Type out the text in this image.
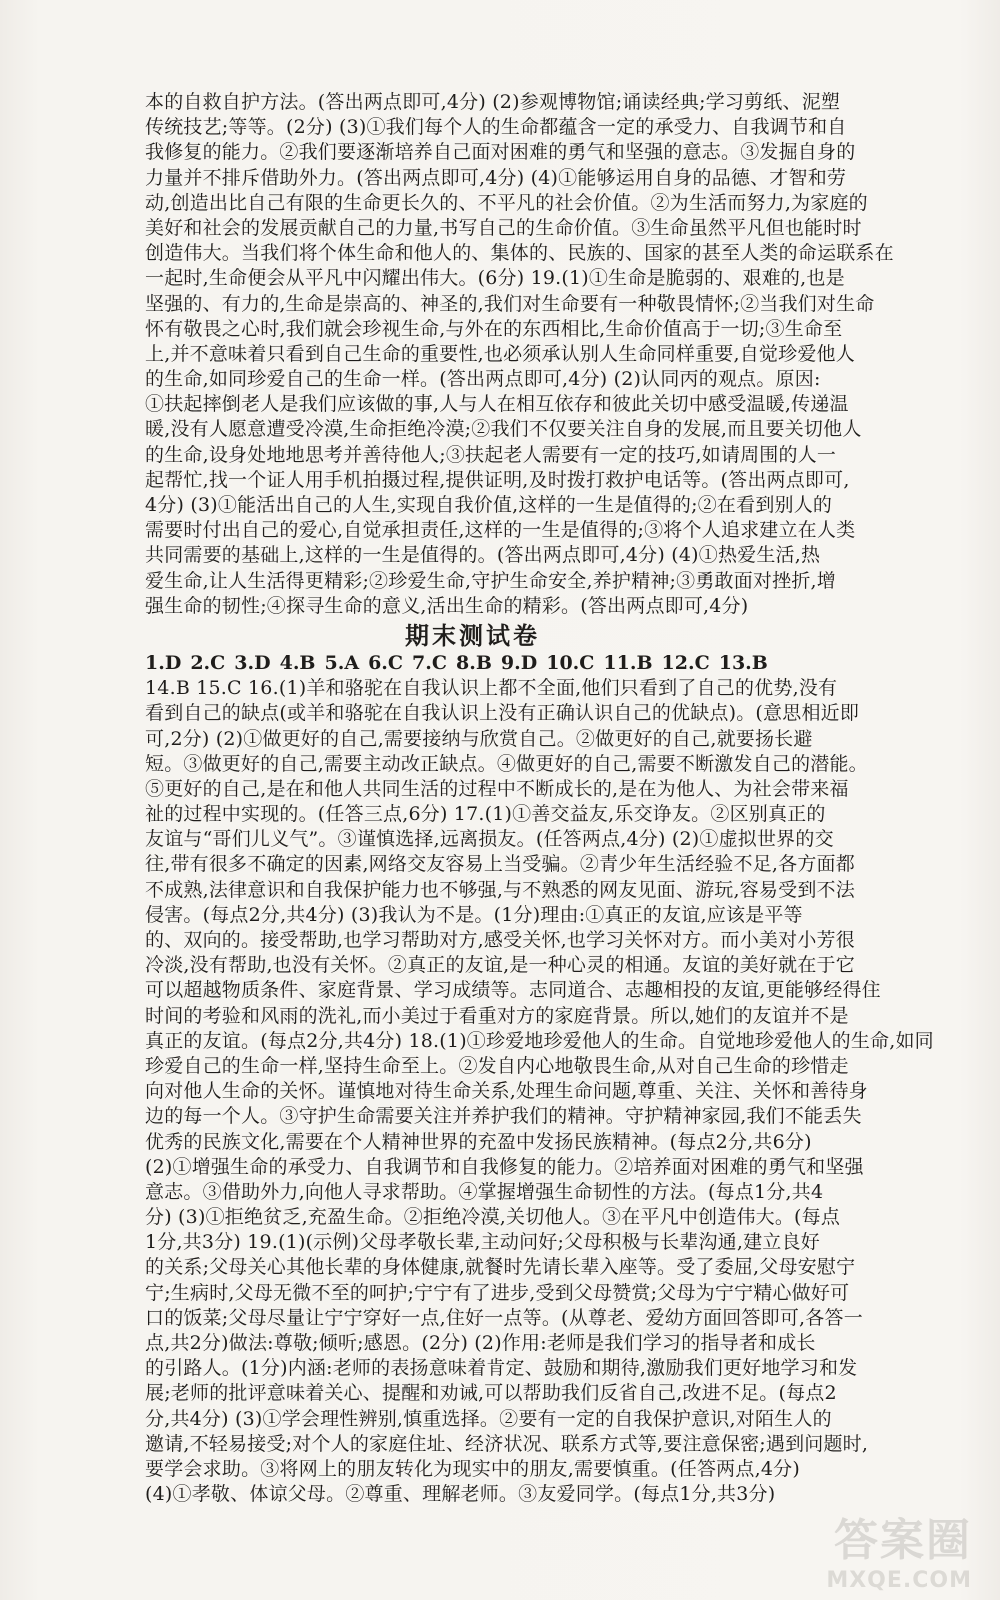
本的自救自护方法。(答出两点即可,4分) (2)参观博物馆;诵读经典;学习剪纸、泥塑
传统技艺;等等。(2分) (3)①我们每个人的生命都蕴含一定的承受力、自我调节和自
我修复的能力。②我们要逐渐培养自己面对困难的勇气和坚强的意志。③发掘自身的
力量并不排斥借助外力。(答出两点即可,4分) (4)①能够运用自身的品德、才智和劳
动,创造出比自己有限的生命更长久的、不平凡的社会价值。②为生活而努力,为家庭的
美好和社会的发展贡献自己的力量,书写自己的生命价值。③生命虽然平凡但也能时时
创造伟大。当我们将个体生命和他人的、集体的、民族的、国家的甚至人类的命运联系在
一起时,生命便会从平凡中闪耀出伟大。(6分) 19.(1)①生命是脆弱的、艰难的,也是
坚强的、有力的,生命是崇高的、神圣的,我们对生命要有一种敬畏情怀;②当我们对生命
怀有敬畏之心时,我们就会珍视生命,与外在的东西相比,生命价值高于一切;③生命至
上,并不意味着只看到自己生命的重要性,也必须承认别人生命同样重要,自觉珍爱他人
的生命,如同珍爱自己的生命一样。(答出两点即可,4分) (2)认同丙的观点。原因:
①扶起摔倒老人是我们应该做的事,人与人在相互依存和彼此关切中感受温暖,传递温
暖,没有人愿意遭受冷漠,生命拒绝冷漠;②我们不仅要关注自身的发展,而且要关切他人
的生命,设身处地地思考并善待他人;③扶起老人需要有一定的技巧,如请周围的人一
起帮忙,找一个证人用手机拍摄过程,提供证明,及时拨打救护电话等。(答出两点即可,
4分) (3)①能活出自己的人生,实现自我价值,这样的一生是值得的;②在看到别人的
需要时付出自己的爱心,自觉承担责任,这样的一生是值得的;③将个人追求建立在人类
共同需要的基础上,这样的一生是值得的。(答出两点即可,4分) (4)①热爱生活,热
爱生命,让人生活得更精彩;②珍爱生命,守护生命安全,养护精神;③勇敢面对挫折,增
强生命的韧性;④探寻生命的意义,活出生命的精彩。(答出两点即可,4分)
期末测试卷
1.D 2.C 3.D 4.B 5.A 6.C 7.C 8.B 9.D 10.C 11.B 12.C 13.B
14.B 15.C 16.(1)羊和骆驼在自我认识上都不全面,他们只看到了自己的优势,没有
看到自己的缺点(或羊和骆驼在自我认识上没有正确认识自己的优缺点)。(意思相近即
可,2分) (2)①做更好的自己,需要接纳与欣赏自己。②做更好的自己,就要扬长避
短。③做更好的自己,需要主动改正缺点。④做更好的自己,需要不断激发自己的潜能。
⑤更好的自己,是在和他人共同生活的过程中不断成长的,是在为他人、为社会带来福
祉的过程中实现的。(任答三点,6分) 17.(1)①善交益友,乐交诤友。②区别真正的
友谊与“哥们儿义气”。③谨慎选择,远离损友。(任答两点,4分) (2)①虚拟世界的交
往,带有很多不确定的因素,网络交友容易上当受骗。②青少年生活经验不足,各方面都
不成熟,法律意识和自我保护能力也不够强,与不熟悉的网友见面、游玩,容易受到不法
侵害。(每点2分,共4分) (3)我认为不是。(1分)理由:①真正的友谊,应该是平等
的、双向的。接受帮助,也学习帮助对方,感受关怀,也学习关怀对方。而小美对小芳很
冷淡,没有帮助,也没有关怀。②真正的友谊,是一种心灵的相通。友谊的美好就在于它
可以超越物质条件、家庭背景、学习成绩等。志同道合、志趣相投的友谊,更能够经得住
时间的考验和风雨的洗礼,而小美过于看重对方的家庭背景。所以,她们的友谊并不是
真正的友谊。(每点2分,共4分) 18.(1)①珍爱地珍爱他人的生命。自觉地珍爱他人的生命,如同
珍爱自己的生命一样,坚持生命至上。②发自内心地敬畏生命,从对自己生命的珍惜走
向对他人生命的关怀。谨慎地对待生命关系,处理生命问题,尊重、关注、关怀和善待身
边的每一个人。③守护生命需要关注并养护我们的精神。守护精神家园,我们不能丢失
优秀的民族文化,需要在个人精神世界的充盈中发扬民族精神。(每点2分,共6分)
(2)①增强生命的承受力、自我调节和自我修复的能力。②培养面对困难的勇气和坚强
意志。③借助外力,向他人寻求帮助。④掌握增强生命韧性的方法。(每点1分,共4
分) (3)①拒绝贫乏,充盈生命。②拒绝冷漠,关切他人。③在平凡中创造伟大。(每点
1分,共3分) 19.(1)(示例)父母孝敬长辈,主动问好;父母积极与长辈沟通,建立良好
的关系;父母关心其他长辈的身体健康,就餐时先请长辈入座等。受了委屈,父母安慰宁
宁;生病时,父母无微不至的呵护;宁宁有了进步,受到父母赞赏;父母为宁宁精心做好可
口的饭菜;父母尽量让宁宁穿好一点,住好一点等。(从尊老、爱幼方面回答即可,各答一
点,共2分)做法:尊敬;倾听;感恩。(2分) (2)作用:老师是我们学习的指导者和成长
的引路人。(1分)内涵:老师的表扬意味着肯定、鼓励和期待,激励我们更好地学习和发
展;老师的批评意味着关心、提醒和劝诫,可以帮助我们反省自己,改进不足。(每点2
分,共4分) (3)①学会理性辨别,慎重选择。②要有一定的自我保护意识,对陌生人的
邀请,不轻易接受;对个人的家庭住址、经济状况、联系方式等,要注意保密;遇到问题时,
要学会求助。③将网上的朋友转化为现实中的朋友,需要慎重。(任答两点,4分)
(4)①孝敬、体谅父母。②尊重、理解老师。③友爱同学。(每点1分,共3分)
答案圈
MXQE.COM
